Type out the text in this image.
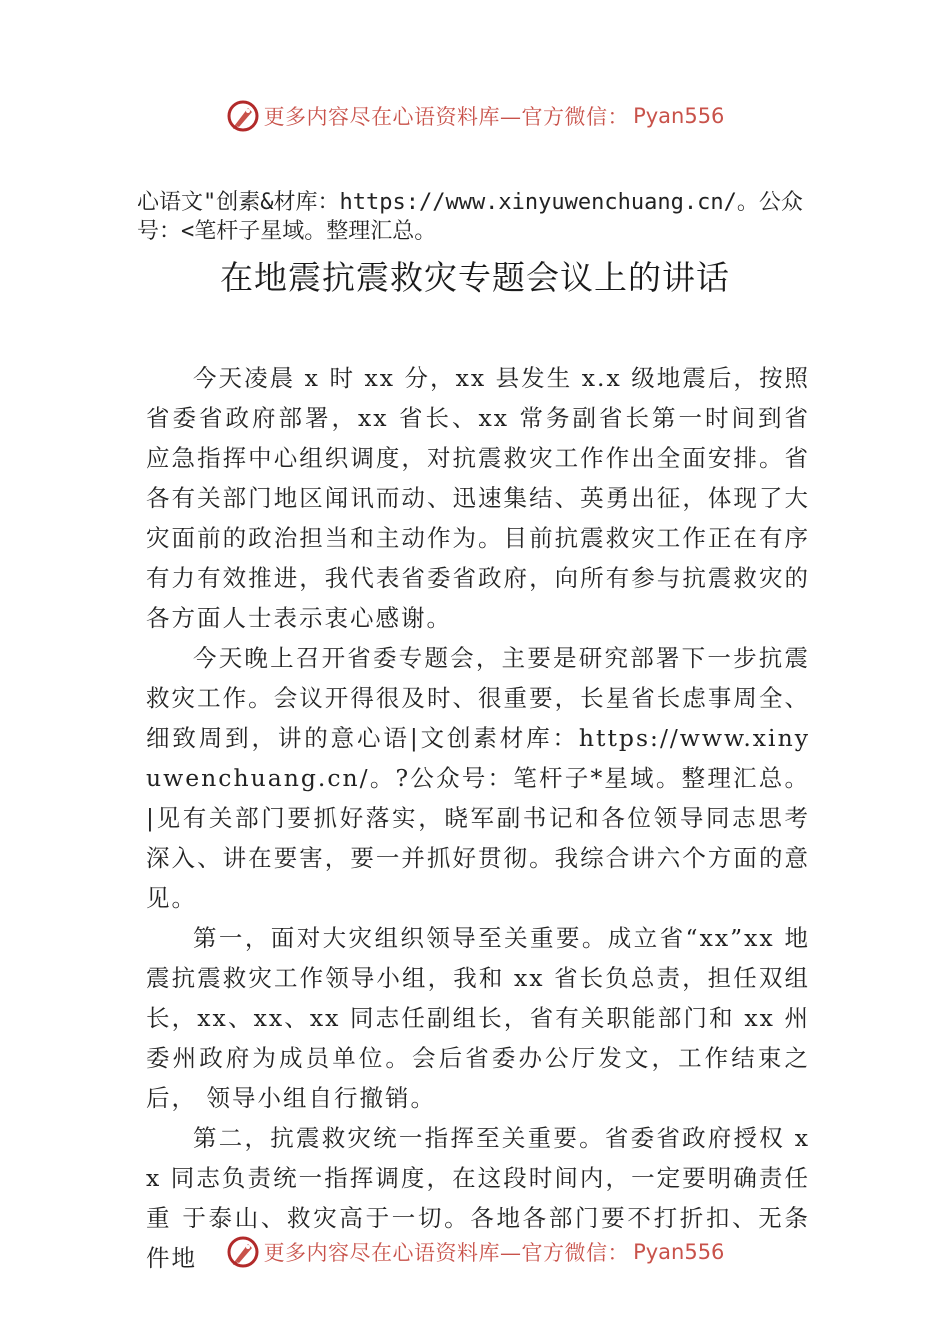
更多内容尽在心语资料库—官方微信： Pyan556
心语文"创素&材库：https://www.xinyuwenchuang.cn/。公众号：<笔杆子星域。整理汇总。
在地震抗震救灾专题会议上的讲话

今天凌晨 x 时 xx 分，xx 县发生 x.x 级地震后，按照省委省政府部署，xx 省长、xx 常务副省长第一时间到省应急指挥中心组织调度，对抗震救灾工作作出全面安排。省各有关部门地区闻讯而动、迅速集结、英勇出征，体现了大灾面前的政治担当和主动作为。目前抗震救灾工作正在有序有力有效推进，我代表省委省政府，向所有参与抗震救灾的各方面人士表示衷心感谢。

今天晚上召开省委专题会，主要是研究部署下一步抗震救灾工作。会议开得很及时、很重要，长星省长虑事周全、细致周到，讲的意心语|文创素材库：https://www.xinyuwenchuang.cn/。?公众号：笔杆子*星域。整理汇总。|见有关部门要抓好落实，晓军副书记和各位领导同志思考深入、讲在要害，要一并抓好贯彻。我综合讲六个方面的意见。

第一，面对大灾组织领导至关重要。成立省“xx”xx 地震抗震救灾工作领导小组，我和 xx 省长负总责，担任双组长，xx、xx、xx 同志任副组长，省有关职能部门和 xx 州委州政府为成员单位。会后省委办公厅发文，工作结束之后， 领导小组自行撤销。

第二，抗震救灾统一指挥至关重要。省委省政府授权 xx 同志负责统一指挥调度，在这段时间内，一定要明确责任重 于泰山、救灾高于一切。各地各部门要不打折扣、无条件地	更多内容尽在心语资料库—官方微信： Pyan556
